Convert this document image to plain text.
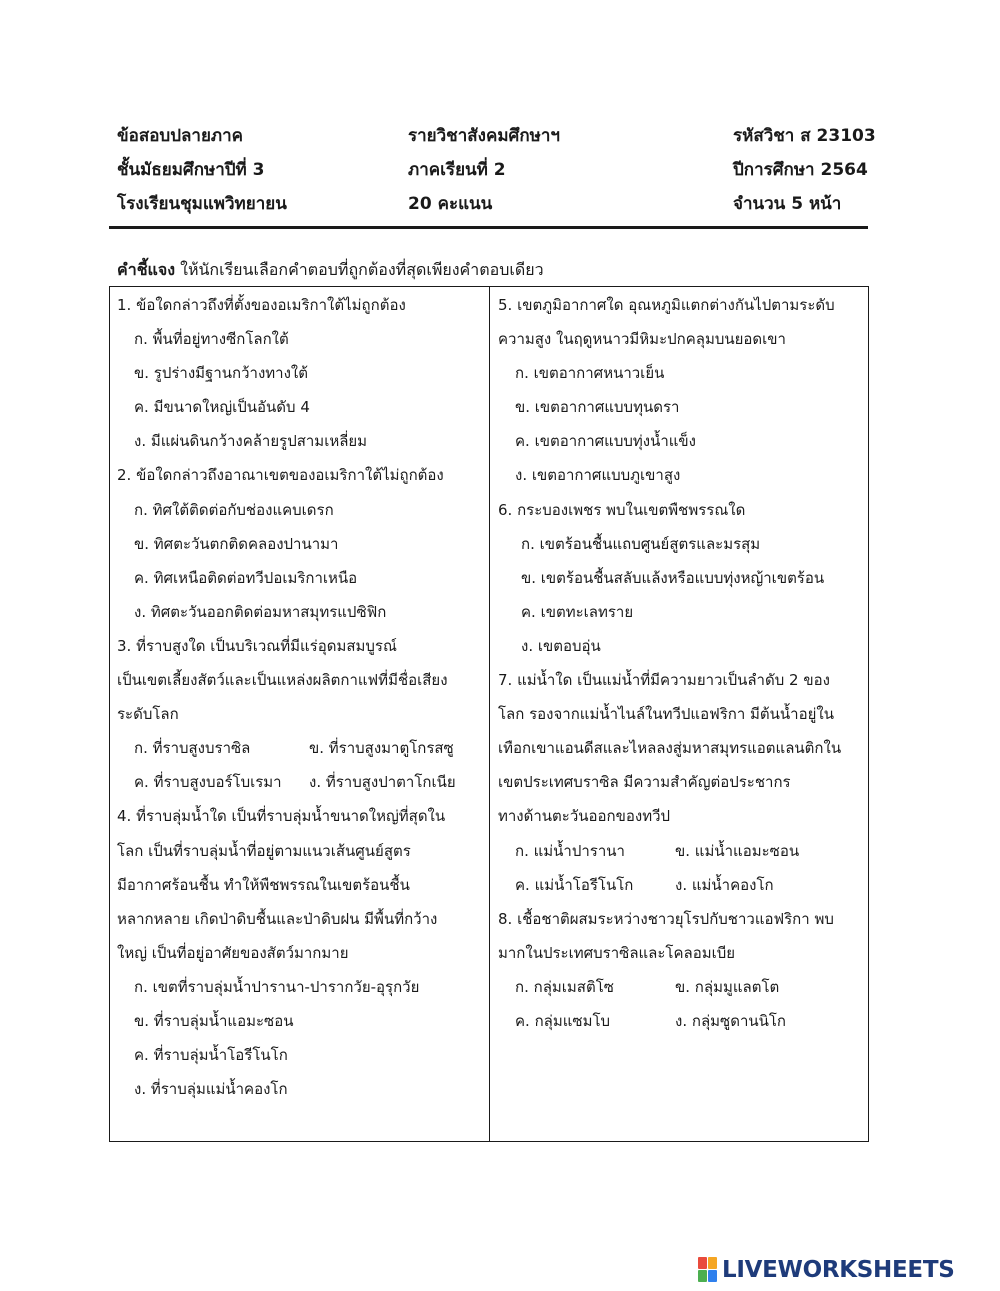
ข้อสอบปลายภาค	รายวิชาสังคมศึกษาฯ	รหัสวิชา ส 23103
ชั้นมัธยมศึกษาปีที่ 3	ภาคเรียนที่ 2	ปีการศึกษา 2564
โรงเรียนชุมแพวิทยายน	20 คะแนน	จำนวน 5 หน้า
คำชี้แจง ให้นักเรียนเลือกคำตอบที่ถูกต้องที่สุดเพียงคำตอบเดียว
1. ข้อใดกล่าวถึงที่ตั้งของอเมริกาใต้ไม่ถูกต้อง
ก. พื้นที่อยู่ทางซีกโลกใต้
ข. รูปร่างมีฐานกว้างทางใต้
ค. มีขนาดใหญ่เป็นอันดับ 4
ง. มีแผ่นดินกว้างคล้ายรูปสามเหลี่ยม
2. ข้อใดกล่าวถึงอาณาเขตของอเมริกาใต้ไม่ถูกต้อง
ก. ทิศใต้ติดต่อกับช่องแคบเดรก
ข. ทิศตะวันตกติดคลองปานามา
ค. ทิศเหนือติดต่อทวีปอเมริกาเหนือ
ง. ทิศตะวันออกติดต่อมหาสมุทรแปซิฟิก
3. ที่ราบสูงใด เป็นบริเวณที่มีแร่อุดมสมบูรณ์
เป็นเขตเลี้ยงสัตว์และเป็นแหล่งผลิตกาแฟที่มีชื่อเสียง
ระดับโลก
ก. ที่ราบสูงบราซิล	ข. ที่ราบสูงมาตูโกรสซู
ค. ที่ราบสูงบอร์โบเรมา	ง. ที่ราบสูงปาตาโกเนีย
4. ที่ราบลุ่มน้ำใด เป็นที่ราบลุ่มน้ำขนาดใหญ่ที่สุดใน
โลก เป็นที่ราบลุ่มน้ำที่อยู่ตามแนวเส้นศูนย์สูตร
มีอากาศร้อนชื้น ทำให้พืชพรรณในเขตร้อนชื้น
หลากหลาย เกิดป่าดิบชื้นและป่าดิบฝน มีพื้นที่กว้าง
ใหญ่ เป็นที่อยู่อาศัยของสัตว์มากมาย
ก. เขตที่ราบลุ่มน้ำปารานา-ปารากวัย-อุรุกวัย
ข. ที่ราบลุ่มน้ำแอมะซอน
ค. ที่ราบลุ่มน้ำโอรีโนโก
ง. ที่ราบลุ่มแม่น้ำคองโก
5. เขตภูมิอากาศใด อุณหภูมิแตกต่างกันไปตามระดับ
ความสูง ในฤดูหนาวมีหิมะปกคลุมบนยอดเขา
ก. เขตอากาศหนาวเย็น
ข. เขตอากาศแบบทุนดรา
ค. เขตอากาศแบบทุ่งน้ำแข็ง
ง. เขตอากาศแบบภูเขาสูง
6. กระบองเพชร พบในเขตพืชพรรณใด
ก. เขตร้อนชื้นแถบศูนย์สูตรและมรสุม
ข. เขตร้อนชื้นสลับแล้งหรือแบบทุ่งหญ้าเขตร้อน
ค. เขตทะเลทราย
ง. เขตอบอุ่น
7. แม่น้ำใด เป็นแม่น้ำที่มีความยาวเป็นลำดับ 2 ของ
โลก รองจากแม่น้ำไนล์ในทวีปแอฟริกา มีต้นน้ำอยู่ใน
เทือกเขาแอนดีสและไหลลงสู่มหาสมุทรแอตแลนติกใน
เขตประเทศบราซิล มีความสำคัญต่อประชากร
ทางด้านตะวันออกของทวีป
ก. แม่น้ำปารานา	ข. แม่น้ำแอมะซอน
ค. แม่น้ำโอรีโนโก	ง. แม่น้ำคองโก
8. เชื้อชาติผสมระหว่างชาวยุโรปกับชาวแอฟริกา พบ
มากในประเทศบราซิลและโคลอมเบีย
ก. กลุ่มเมสติโซ	ข. กลุ่มมูแลตโต
ค. กลุ่มแซมโบ	ง. กลุ่มซูดานนิโก
LIVEWORKSHEETS
